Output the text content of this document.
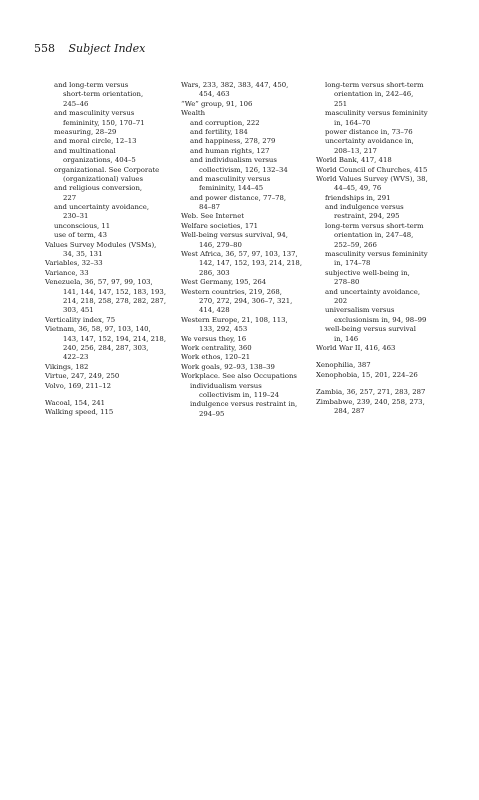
558 Subject Index
and long-term versus
short-term orientation,
245–46
and masculinity versus
femininity, 150, 170–71
measuring, 28–29
and moral circle, 12–13
and multinational
organizations, 404–5
organizational. See Corporate
(organizational) values
and religious conversion,
227
and uncertainty avoidance,
230–31
unconscious, 11
use of term, 43
Values Survey Modules (VSMs),
34, 35, 131
Variables, 32–33
Variance, 33
Venezuela, 36, 57, 97, 99, 103,
141, 144, 147, 152, 183, 193,
214, 218, 258, 278, 282, 287,
303, 451
Verticality index, 75
Vietnam, 36, 58, 97, 103, 140,
143, 147, 152, 194, 214, 218,
240, 256, 284, 287, 303,
422–23
Vikings, 182
Virtue, 247, 249, 250
Volvo, 169, 211–12
Wacoal, 154, 241
Walking speed, 115
Wars, 233, 382, 383, 447, 450,
454, 463
“We” group, 91, 106
Wealth
and corruption, 222
and fertility, 184
and happiness, 278, 279
and human rights, 127
and individualism versus
collectivism, 126, 132–34
and masculinity versus
femininity, 144–45
and power distance, 77–78,
84–87
Web. See Internet
Welfare societies, 171
Well-being versus survival, 94,
146, 279–80
West Africa, 36, 57, 97, 103, 137,
142, 147, 152, 193, 214, 218,
286, 303
West Germany, 195, 264
Western countries, 219, 268,
270, 272, 294, 306–7, 321,
414, 428
Western Europe, 21, 108, 113,
133, 292, 453
We versus they, 16
Work centrality, 360
Work ethos, 120–21
Work goals, 92–93, 138–39
Workplace. See also Occupations
individualism versus
collectivism in, 119–24
indulgence versus restraint in,
294–95
long-term versus short-term
orientation in, 242–46,
251
masculinity versus femininity
in, 164–70
power distance in, 73–76
uncertainty avoidance in,
208–13, 217
World Bank, 417, 418
World Council of Churches, 415
World Values Survey (WVS), 38,
44–45, 49, 76
friendships in, 291
and indulgence versus
restraint, 294, 295
long-term versus short-term
orientation in, 247–48,
252–59, 266
masculinity versus femininity
in, 174–78
subjective well-being in,
278–80
and uncertainty avoidance,
202
universalism versus
exclusionism in, 94, 98–99
well-being versus survival
in, 146
World War II, 416, 463
Xenophilia, 387
Xenophobia, 15, 201, 224–26
Zambia, 36, 257, 271, 283, 287
Zimbabwe, 239, 240, 258, 273,
284, 287
